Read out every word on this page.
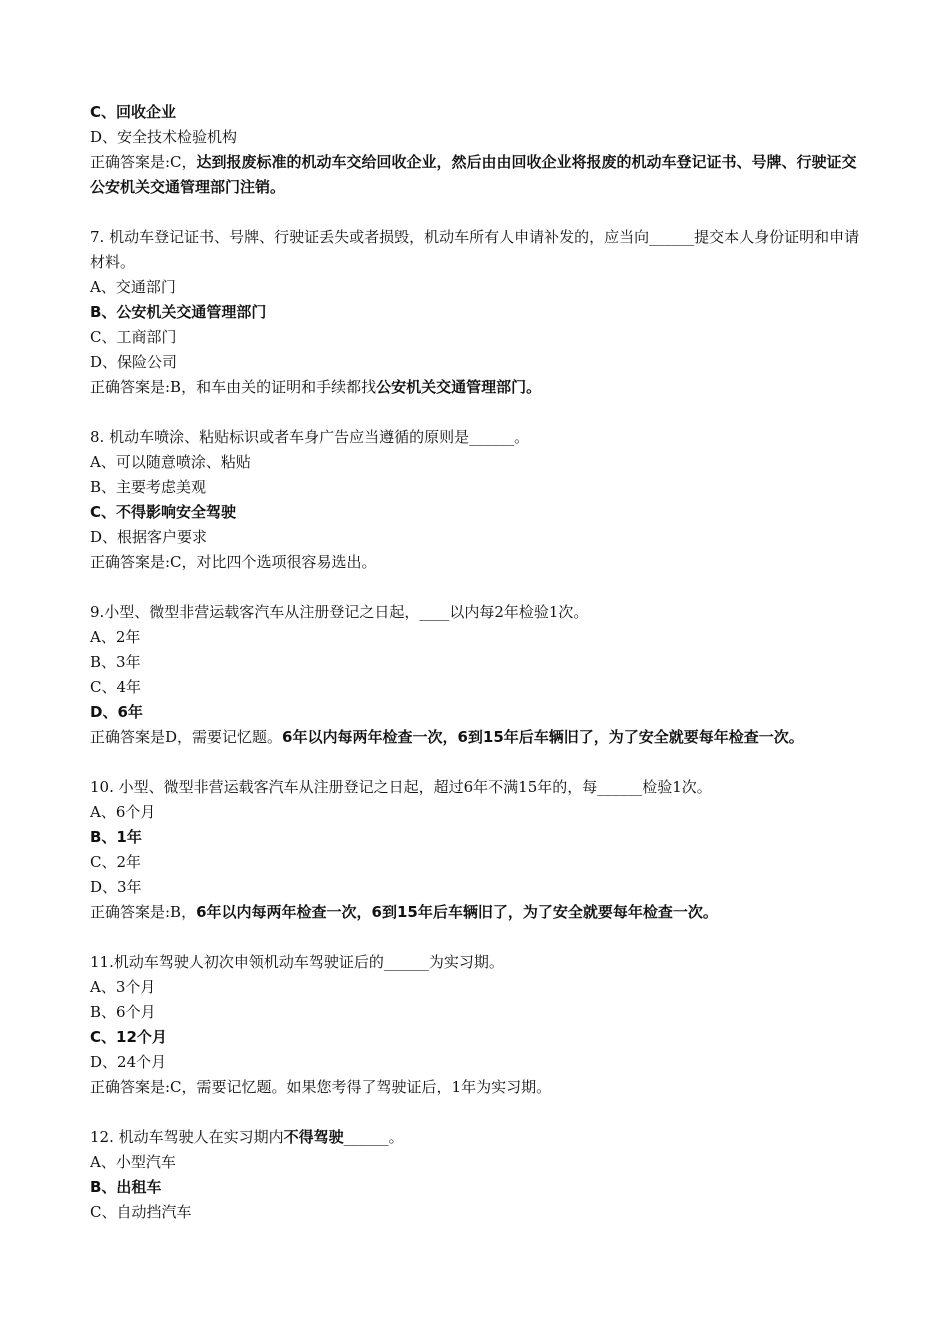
C、回收企业
D、安全技术检验机构
正确答案是:C，达到报废标准的机动车交给回收企业，然后由由回收企业将报废的机动车登记证书、号牌、行驶证交公安机关交通管理部门注销。
7. 机动车登记证书、号牌、行驶证丢失或者损毁，机动车所有人申请补发的，应当向______提交本人身份证明和申请材料。
A、交通部门
B、公安机关交通管理部门
C、工商部门
D、保险公司
正确答案是:B，和车由关的证明和手续都找公安机关交通管理部门。
8. 机动车喷涂、粘贴标识或者车身广告应当遵循的原则是______。
A、可以随意喷涂、粘贴
B、主要考虑美观
C、不得影响安全驾驶
D、根据客户要求
正确答案是:C，对比四个选项很容易选出。
9.小型、微型非营运载客汽车从注册登记之日起，____以内每2年检验1次。
A、2年
B、3年
C、4年
D、6年
正确答案是D，需要记忆题。6年以内每两年检查一次，6到15年后车辆旧了，为了安全就要每年检查一次。
10. 小型、微型非营运载客汽车从注册登记之日起，超过6年不满15年的，每______检验1次。
A、6个月
B、1年
C、2年
D、3年
正确答案是:B，6年以内每两年检查一次，6到15年后车辆旧了，为了安全就要每年检查一次。
11.机动车驾驶人初次申领机动车驾驶证后的______为实习期。
A、3个月
B、6个月
C、12个月
D、24个月
正确答案是:C，需要记忆题。如果您考得了驾驶证后，1年为实习期。
12. 机动车驾驶人在实习期内不得驾驶______。
A、小型汽车
B、出租车
C、自动挡汽车
